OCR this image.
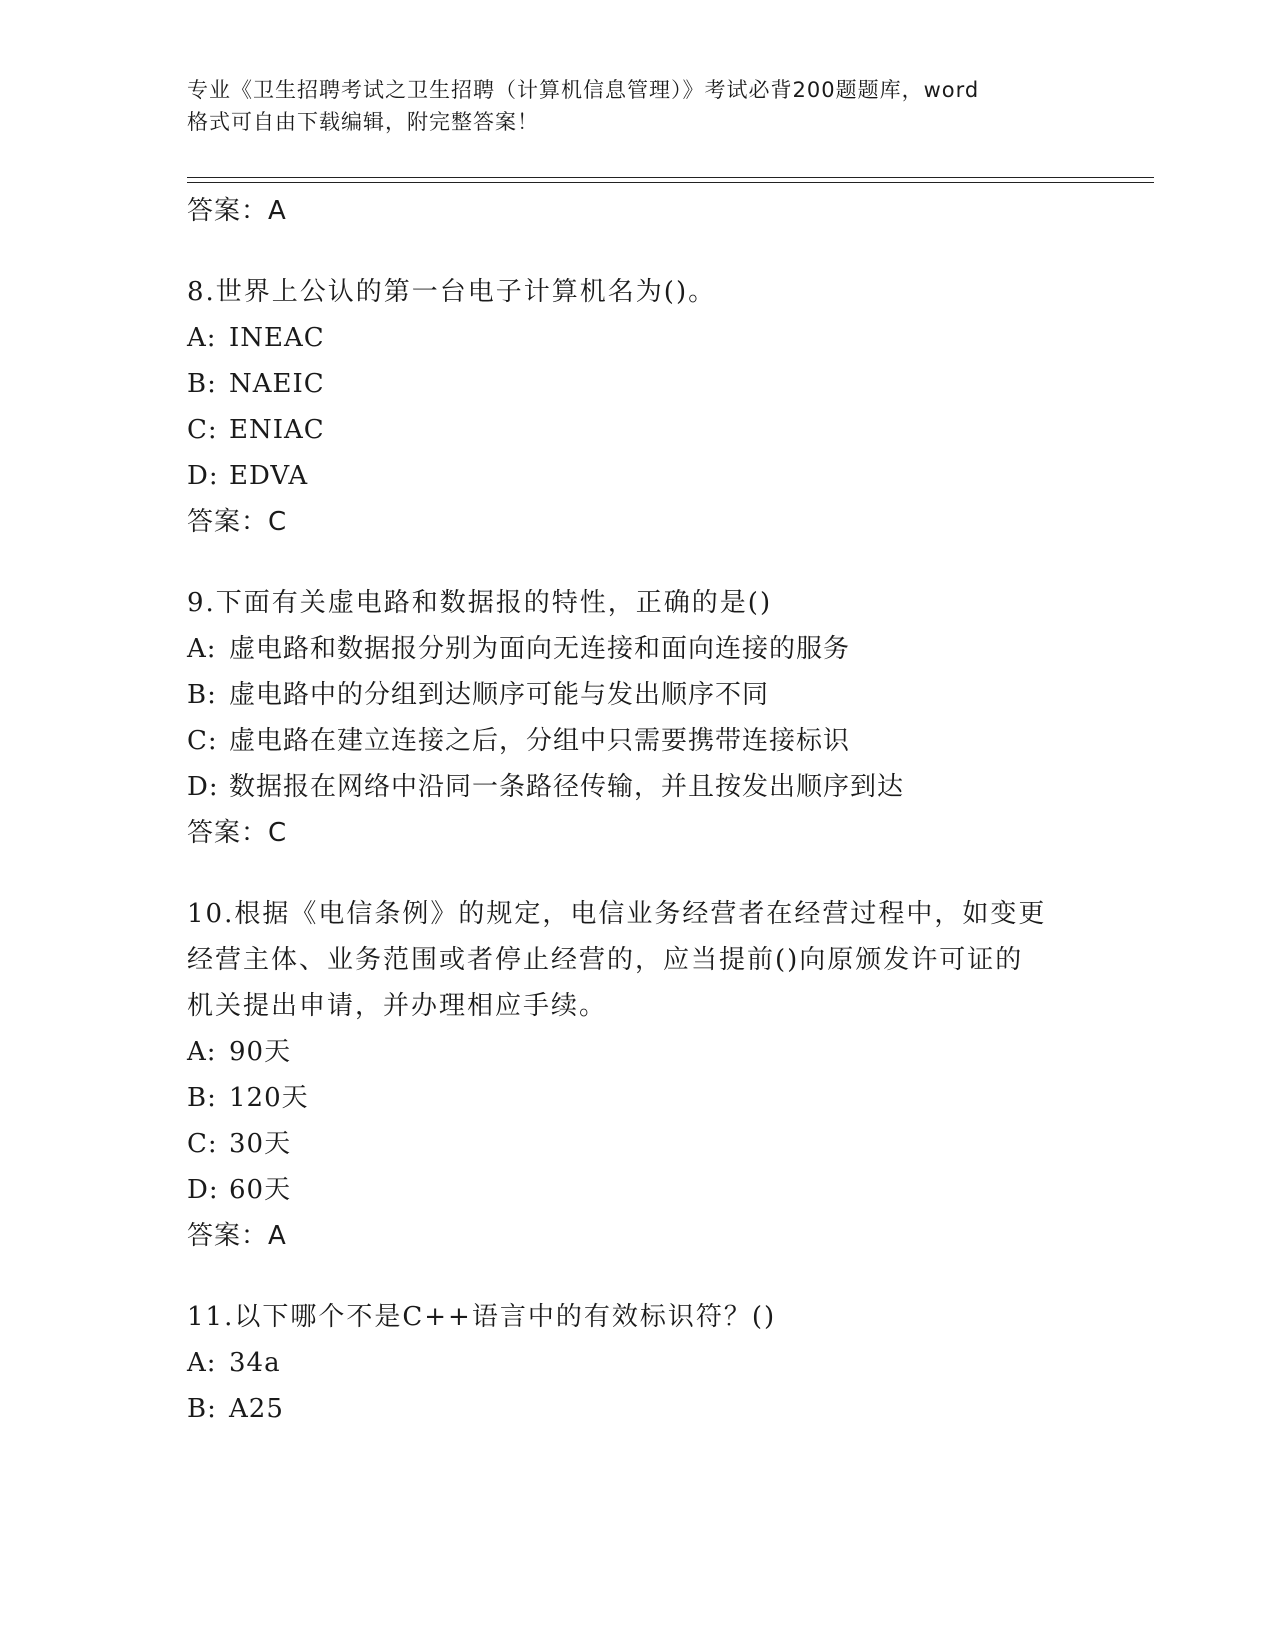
专业《卫生招聘考试之卫生招聘（计算机信息管理）》考试必背200题题库，word
格式可自由下载编辑，附完整答案！
答案：A
8.世界上公认的第一台电子计算机名为()。
A: INEAC
B: NAEIC
C: ENIAC
D: EDVA
答案：C
9.下面有关虚电路和数据报的特性，正确的是()
A: 虚电路和数据报分别为面向无连接和面向连接的服务
B: 虚电路中的分组到达顺序可能与发出顺序不同
C: 虚电路在建立连接之后，分组中只需要携带连接标识
D: 数据报在网络中沿同一条路径传输，并且按发出顺序到达
答案：C
10.根据《电信条例》的规定，电信业务经营者在经营过程中，如变更
经营主体、业务范围或者停止经营的，应当提前()向原颁发许可证的
机关提出申请，并办理相应手续。
A: 90天
B: 120天
C: 30天
D: 60天
答案：A
11.以下哪个不是C++语言中的有效标识符？()
A: 34a
B: A25
